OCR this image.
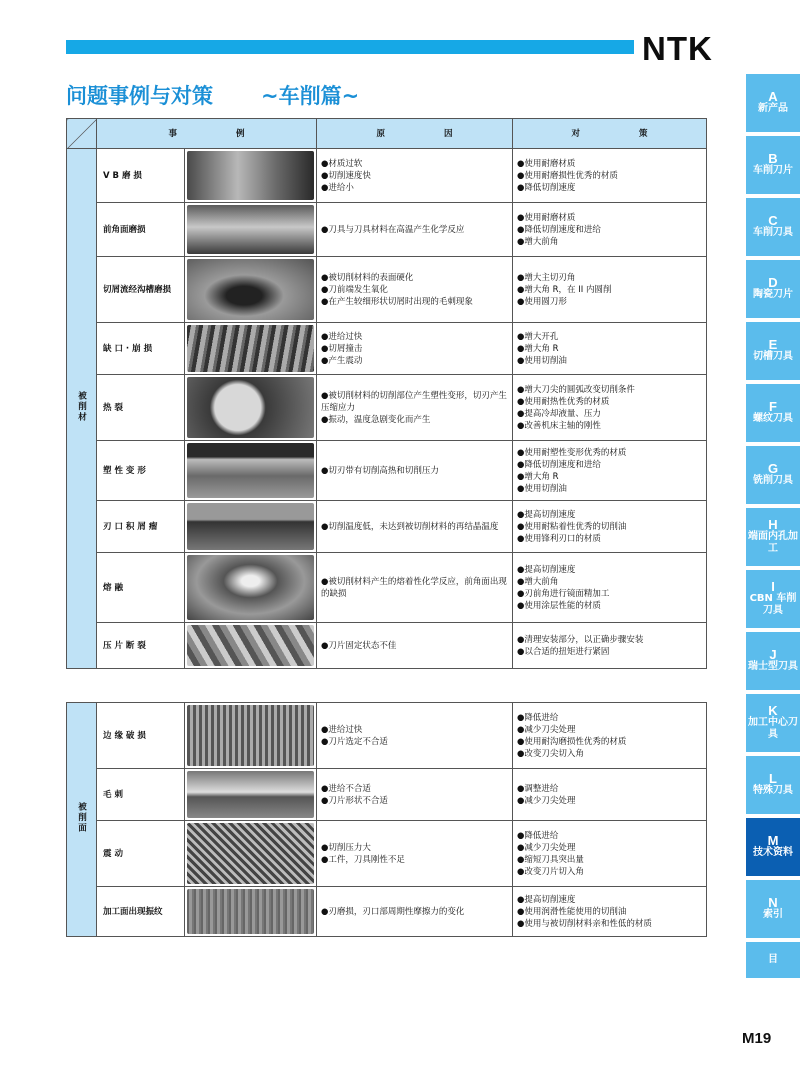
NTK
问题事例与对策 ~车削篇~
	事 例		原 因	对 策
被削材	V B 磨 损		●材质过软
●切削速度快
●进给小	●使用耐磨材质
●使用耐磨损性优秀的材质
●降低切削速度

	前角面磨损		●刀具与刀具材料在高温产生化学反应	●使用耐磨材质
●降低切削速度和进给
●增大前角

	切屑流经沟槽磨损		●被切削材料的表面硬化
●刀前端发生氧化
●在产生较细形状切屑时出现的毛刺现象	●增大主切刃角
●增大角 R，在 II 内圆削
●使用圆刀形

	缺 口 · 崩 损		●进给过快
●切屑撞击
●产生震动	●增大开孔
●增大角 R
●使用切削油

	热 裂		●被切削材料的切削部位产生塑性变形，切刃产生压缩应力
●振动，温度急剧变化而产生	●增大刀尖的圆弧改变切削条件
●使用耐热性优秀的材质
●提高冷却液量、压力
●改善机床主轴的刚性

	塑 性 变 形		●切刃带有切削高热和切削压力	●使用耐塑性变形优秀的材质
●降低切削速度和进给
●增大角 R
●使用切削油

	刃 口 积 屑 瘤		●切削温度低，未达到被切削材料的再结晶温度	●提高切削速度
●使用耐粘着性优秀的切削油
●使用锋利刃口的材质

	熔 融		●被切削材料产生的熔着性化学反应，前角面出现的缺损	●提高切削速度
●增大前角
●刃前角进行镜面精加工
●使用涂层性能的材质

	压 片 断 裂		●刀片固定状态不佳	●清理安装部分，以正确步骤安装
●以合适的扭矩进行紧固
被削面	边 缘 破 损		●进给过快
●刀片选定不合适	●降低进给
●减少刀尖处理
●使用耐沟磨损性优秀的材质
●改变刀尖切入角

	毛 刺		●进给不合适
●刀片形状不合适	●调整进给
●减少刀尖处理

	震 动		●切削压力大
●工件，刀具刚性不足	●降低进给
●减少刀尖处理
●缩短刀具突出量
●改变刀片切入角

	加工面出现振纹		●刃磨损，刃口部周期性摩擦力的变化	●提高切削速度
●使用润滑性能使用的切削油
●使用与被切削材料亲和性低的材质
A
新产品
B
车削刀片
C
车削刀具
D
陶瓷刀片
E
切槽刀具
F
螺纹刀具
G
铣削刀具
H
端面内孔加工
I
CBN 车削刀具
J
瑞士型刀具
K
加工中心刀具
L
特殊刀具
M
技术资料
N
索引
目
M19
